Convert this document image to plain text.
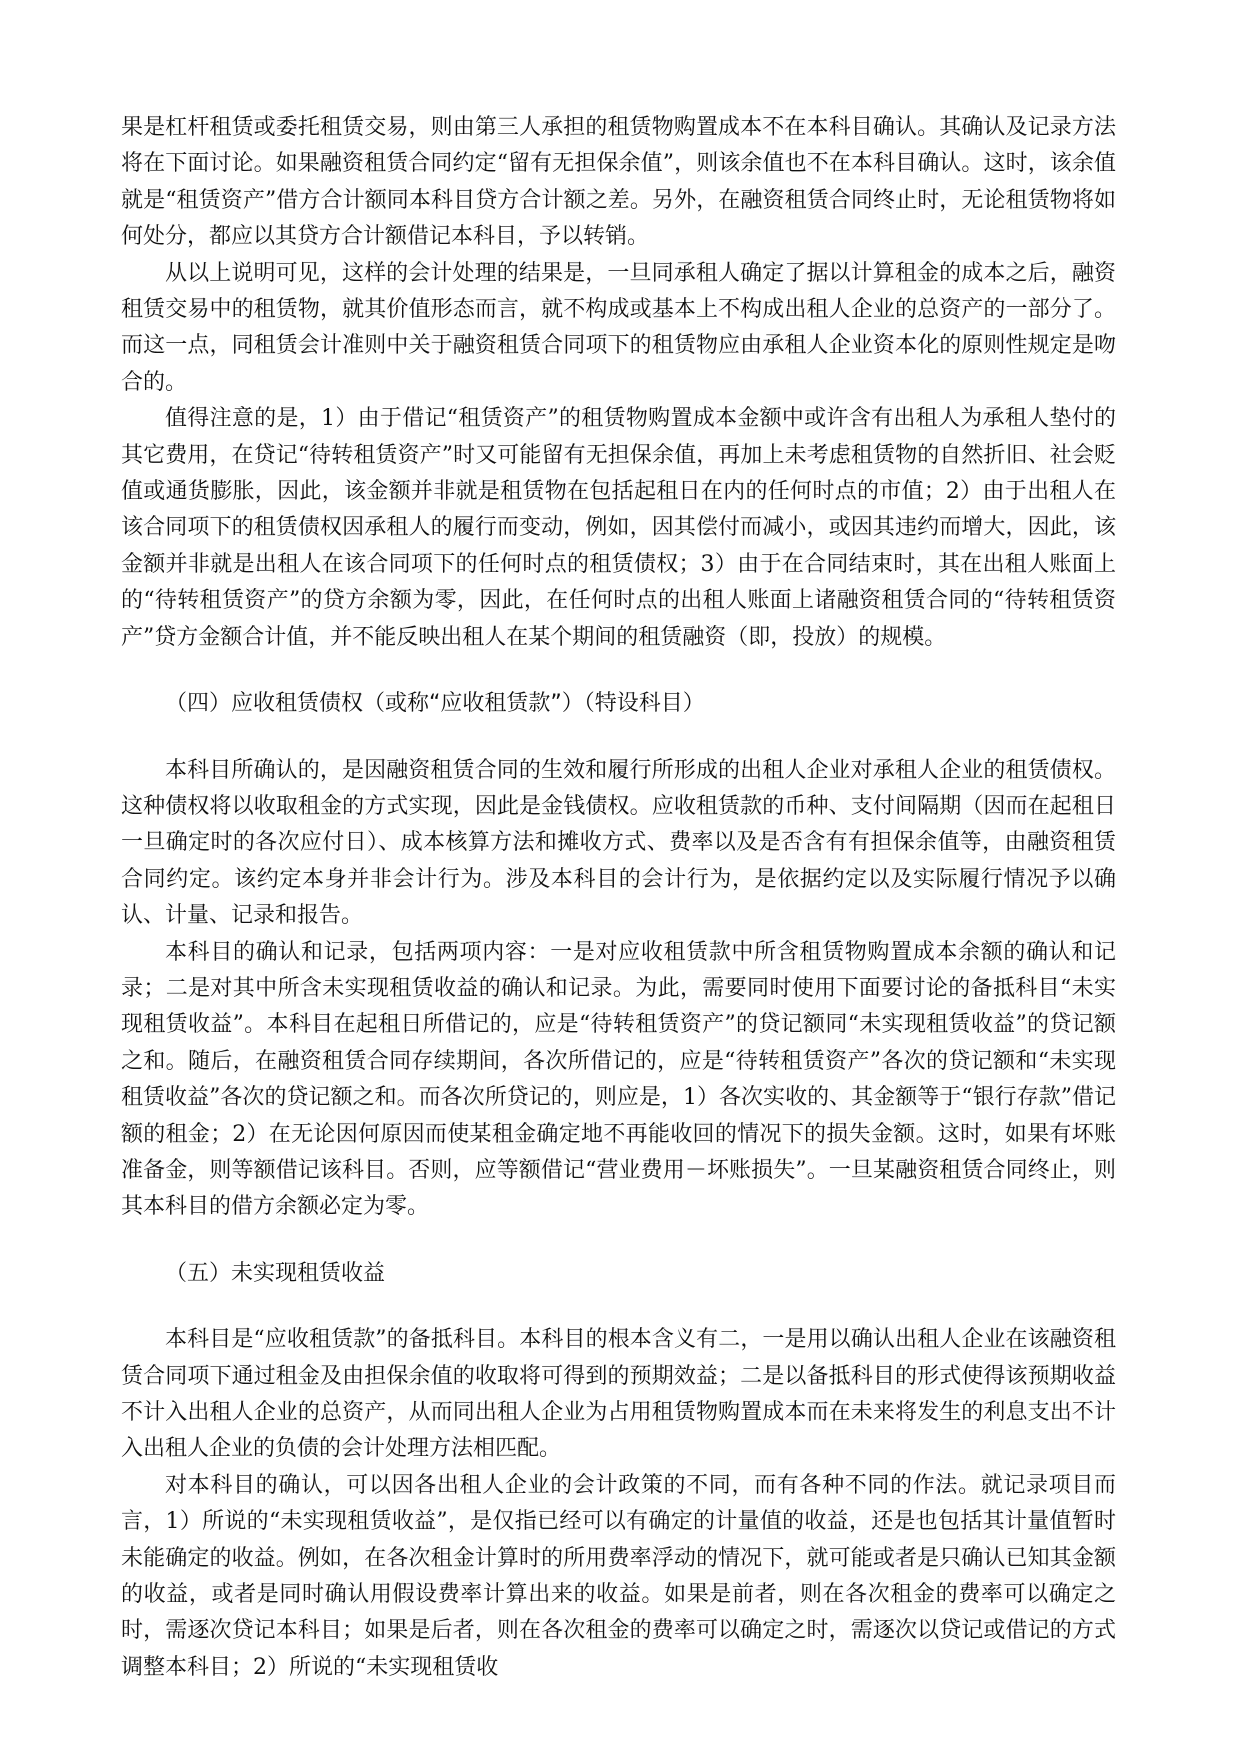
果是杠杆租赁或委托租赁交易，则由第三人承担的租赁物购置成本不在本科目确认。其确认及记录方法将在下面讨论。如果融资租赁合同约定“留有无担保余值”，则该余值也不在本科目确认。这时，该余值就是“租赁资产”借方合计额同本科目贷方合计额之差。另外，在融资租赁合同终止时，无论租赁物将如何处分，都应以其贷方合计额借记本科目，予以转销。

从以上说明可见，这样的会计处理的结果是，一旦同承租人确定了据以计算租金的成本之后，融资租赁交易中的租赁物，就其价值形态而言，就不构成或基本上不构成出租人企业的总资产的一部分了。而这一点，同租赁会计准则中关于融资租赁合同项下的租赁物应由承租人企业资本化的原则性规定是吻合的。

值得注意的是，1）由于借记“租赁资产”的租赁物购置成本金额中或许含有出租人为承租人垫付的其它费用，在贷记“待转租赁资产”时又可能留有无担保余值，再加上未考虑租赁物的自然折旧、社会贬值或通货膨胀，因此，该金额并非就是租赁物在包括起租日在内的任何时点的市值；2）由于出租人在该合同项下的租赁债权因承租人的履行而变动，例如，因其偿付而减小，或因其违约而增大，因此，该金额并非就是出租人在该合同项下的任何时点的租赁债权；3）由于在合同结束时，其在出租人账面上的“待转租赁资产”的贷方余额为零，因此，在任何时点的出租人账面上诸融资租赁合同的“待转租赁资产”贷方金额合计值，并不能反映出租人在某个期间的租赁融资（即，投放）的规模。

（四）应收租赁债权（或称“应收租赁款”）（特设科目）

本科目所确认的，是因融资租赁合同的生效和履行所形成的出租人企业对承租人企业的租赁债权。这种债权将以收取租金的方式实现，因此是金钱债权。应收租赁款的币种、支付间隔期（因而在起租日一旦确定时的各次应付日）、成本核算方法和摊收方式、费率以及是否含有有担保余值等，由融资租赁合同约定。该约定本身并非会计行为。涉及本科目的会计行为，是依据约定以及实际履行情况予以确认、计量、记录和报告。

本科目的确认和记录，包括两项内容：一是对应收租赁款中所含租赁物购置成本余额的确认和记录；二是对其中所含未实现租赁收益的确认和记录。为此，需要同时使用下面要讨论的备抵科目“未实现租赁收益”。本科目在起租日所借记的，应是“待转租赁资产”的贷记额同“未实现租赁收益”的贷记额之和。随后，在融资租赁合同存续期间，各次所借记的，应是“待转租赁资产”各次的贷记额和“未实现租赁收益”各次的贷记额之和。而各次所贷记的，则应是，1）各次实收的、其金额等于“银行存款”借记额的租金；2）在无论因何原因而使某租金确定地不再能收回的情况下的损失金额。这时，如果有坏账准备金，则等额借记该科目。否则，应等额借记“营业费用－坏账损失”。一旦某融资租赁合同终止，则其本科目的借方余额必定为零。

（五）未实现租赁收益

本科目是“应收租赁款”的备抵科目。本科目的根本含义有二，一是用以确认出租人企业在该融资租赁合同项下通过租金及由担保余值的收取将可得到的预期效益；二是以备抵科目的形式使得该预期收益不计入出租人企业的总资产，从而同出租人企业为占用租赁物购置成本而在未来将发生的利息支出不计入出租人企业的负债的会计处理方法相匹配。

对本科目的确认，可以因各出租人企业的会计政策的不同，而有各种不同的作法。就记录项目而言，1）所说的“未实现租赁收益”，是仅指已经可以有确定的计量值的收益，还是也包括其计量值暂时未能确定的收益。例如，在各次租金计算时的所用费率浮动的情况下，就可能或者是只确认已知其金额的收益，或者是同时确认用假设费率计算出来的收益。如果是前者，则在各次租金的费率可以确定之时，需逐次贷记本科目；如果是后者，则在各次租金的费率可以确定之时，需逐次以贷记或借记的方式调整本科目；2）所说的“未实现租赁收
